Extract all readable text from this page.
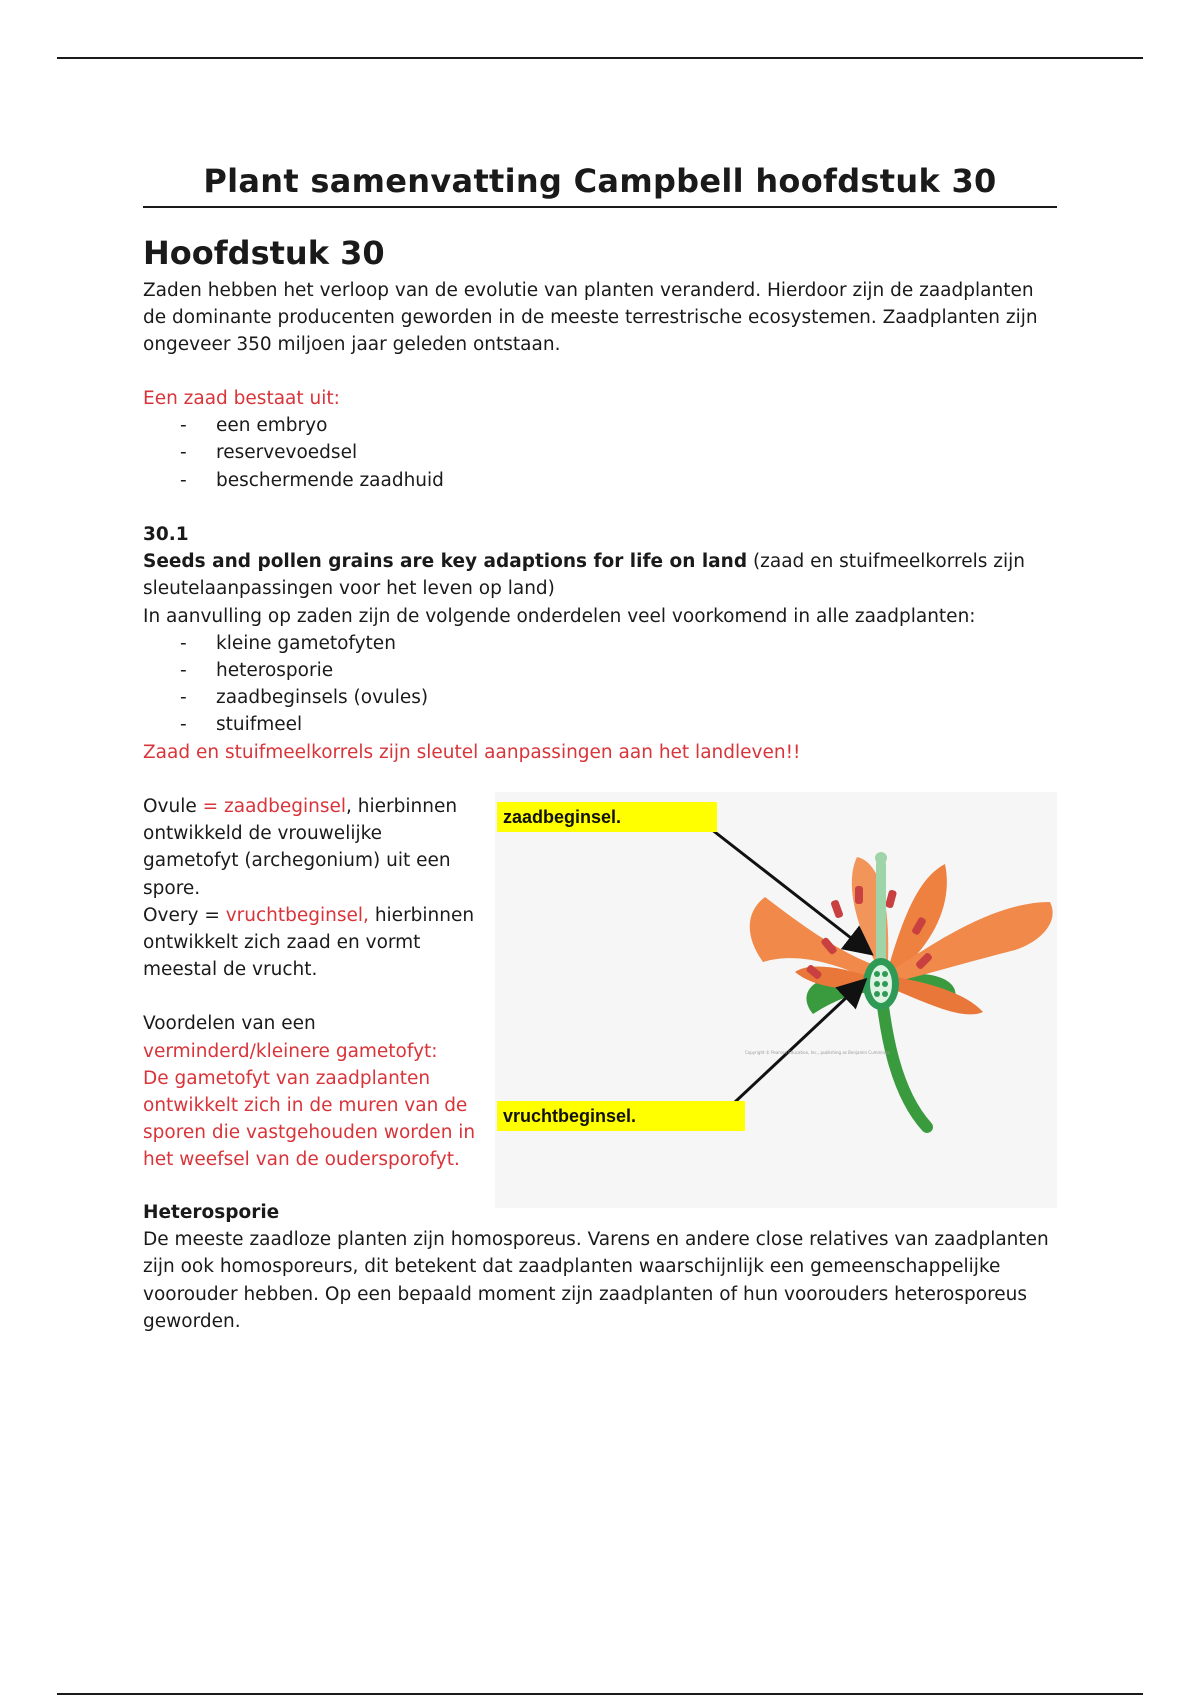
Plant samenvatting Campbell hoofdstuk 30
Hoofdstuk 30
Zaden hebben het verloop van de evolutie van planten veranderd. Hierdoor zijn de zaadplanten de dominante producenten geworden in de meeste terrestrische ecosystemen. Zaadplanten zijn ongeveer 350 miljoen jaar geleden ontstaan.
Een zaad bestaat uit:
- een embryo
- reservevoedsel
- beschermende zaadhuid
30.1
Seeds and pollen grains are key adaptions for life on land (zaad en stuifmeelkorrels zijn sleutelaanpassingen voor het leven op land)
In aanvulling op zaden zijn de volgende onderdelen veel voorkomend in alle zaadplanten:
- kleine gametofyten
- heterosporie
- zaadbeginsels (ovules)
- stuifmeel
Zaad en stuifmeelkorrels zijn sleutel aanpassingen aan het landleven!!
Ovule = zaadbeginsel, hierbinnen ontwikkeld de vrouwelijke gametofyt (archegonium) uit een spore.
Overy = vruchtbeginsel, hierbinnen ontwikkelt zich zaad en vormt meestal de vrucht.
Voordelen van een
verminderd/kleinere gametofyt:
De gametofyt van zaadplanten ontwikkelt zich in de muren van de sporen die vastgehouden worden in het weefsel van de oudersporofyt.
Copyright © Pearson Education, Inc., publishing as Benjamin Cummings
zaadbeginsel.
vruchtbeginsel.
Heterosporie
De meeste zaadloze planten zijn homosporeus. Varens en andere close relatives van zaadplanten zijn ook homosporeurs, dit betekent dat zaadplanten waarschijnlijk een gemeenschappelijke voorouder hebben. Op een bepaald moment zijn zaadplanten of hun voorouders heterosporeus geworden.
